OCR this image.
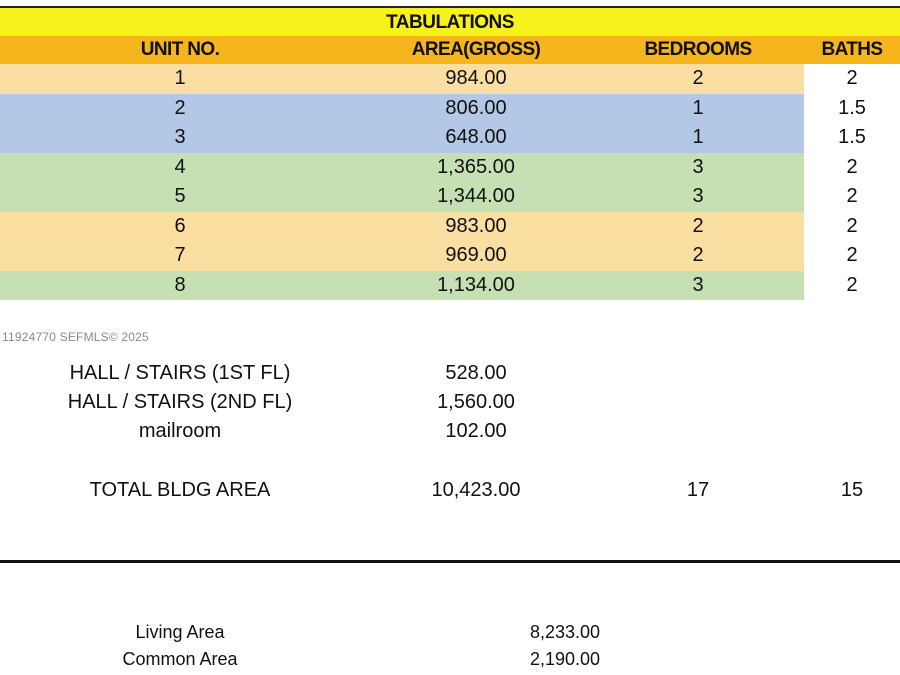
TABULATIONS
UNIT NO.	AREA(GROSS)	BEDROOMS	BATHS
1	984.00	2	2
2	806.00	1	1.5
3	648.00	1	1.5
4	1,365.00	3	2
5	1,344.00	3	2
6	983.00	2	2
7	969.00	2	2
8	1,134.00	3	2
11924770 SEFMLS© 2025
HALL / STAIRS (1ST FL)	528.00
HALL / STAIRS (2ND FL)	1,560.00
mailroom	102.00
TOTAL BLDG AREA	10,423.00	17	15
Living Area	8,233.00
Common Area	2,190.00
